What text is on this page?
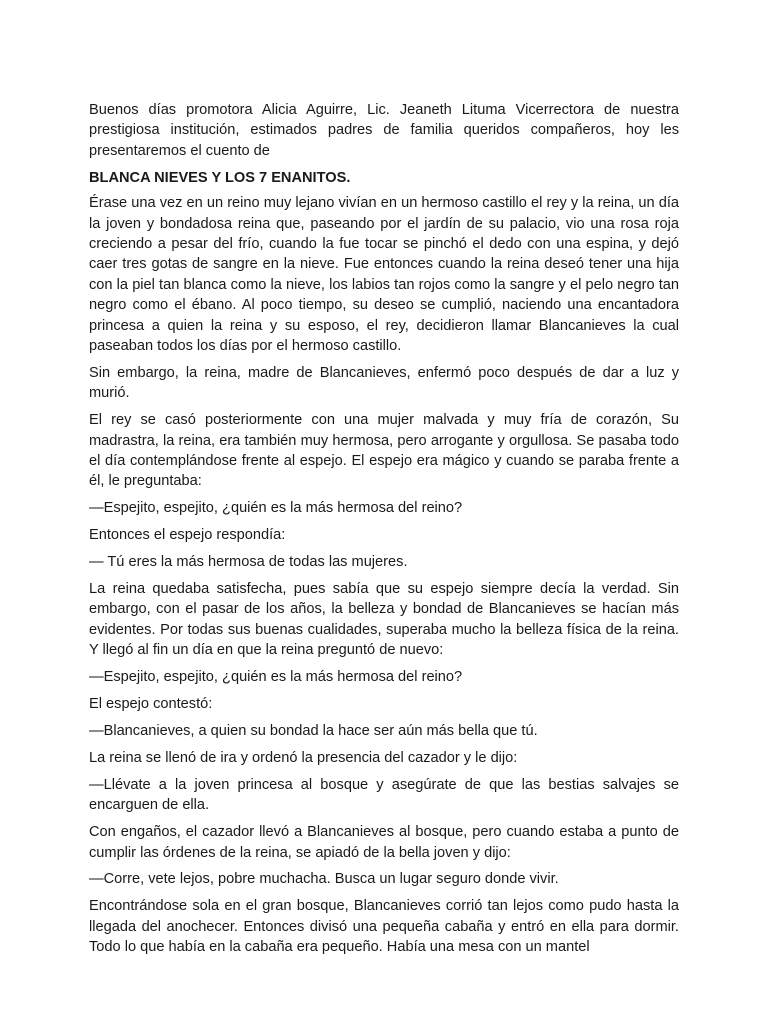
Buenos días promotora Alicia Aguirre, Lic. Jeaneth Lituma Vicerrectora de nuestra prestigiosa institución, estimados padres de familia queridos compañeros, hoy les presentaremos el cuento de

BLANCA NIEVES Y LOS 7 ENANITOS.

Érase una vez en un reino muy lejano vivían en un hermoso castillo el rey y la reina, un día la joven y bondadosa reina que, paseando por el jardín de su palacio, vio una rosa roja creciendo a pesar del frío, cuando la fue tocar se pinchó el dedo con una espina, y dejó caer tres gotas de sangre en la nieve. Fue entonces cuando la reina deseó tener una hija con la piel tan blanca como la nieve, los labios tan rojos como la sangre y el pelo negro tan negro como el ébano. Al poco tiempo, su deseo se cumplió, naciendo una encantadora princesa a quien la reina y su esposo, el rey, decidieron llamar Blancanieves la cual paseaban todos los días por el hermoso castillo.

Sin embargo, la reina, madre de Blancanieves, enfermó poco después de dar a luz y murió.

El rey se casó posteriormente con una mujer malvada y muy fría de corazón, Su madrastra, la reina, era también muy hermosa, pero arrogante y orgullosa. Se pasaba todo el día contemplándose frente al espejo. El espejo era mágico y cuando se paraba frente a él, le preguntaba:

—Espejito, espejito, ¿quién es la más hermosa del reino?

Entonces el espejo respondía:

— Tú eres la más hermosa de todas las mujeres.

La reina quedaba satisfecha, pues sabía que su espejo siempre decía la verdad. Sin embargo, con el pasar de los años, la belleza y bondad de Blancanieves se hacían más evidentes. Por todas sus buenas cualidades, superaba mucho la belleza física de la reina. Y llegó al fin un día en que la reina preguntó de nuevo:

—Espejito, espejito, ¿quién es la más hermosa del reino?

El espejo contestó:

—Blancanieves, a quien su bondad la hace ser aún más bella que tú.

La reina se llenó de ira y ordenó la presencia del cazador y le dijo:

—Llévate a la joven princesa al bosque y asegúrate de que las bestias salvajes se encarguen de ella.

Con engaños, el cazador llevó a Blancanieves al bosque, pero cuando estaba a punto de cumplir las órdenes de la reina, se apiadó de la bella joven y dijo:

—Corre, vete lejos, pobre muchacha. Busca un lugar seguro donde vivir.

Encontrándose sola en el gran bosque, Blancanieves corrió tan lejos como pudo hasta la llegada del anochecer. Entonces divisó una pequeña cabaña y entró en ella para dormir. Todo lo que había en la cabaña era pequeño. Había una mesa con un mantel
